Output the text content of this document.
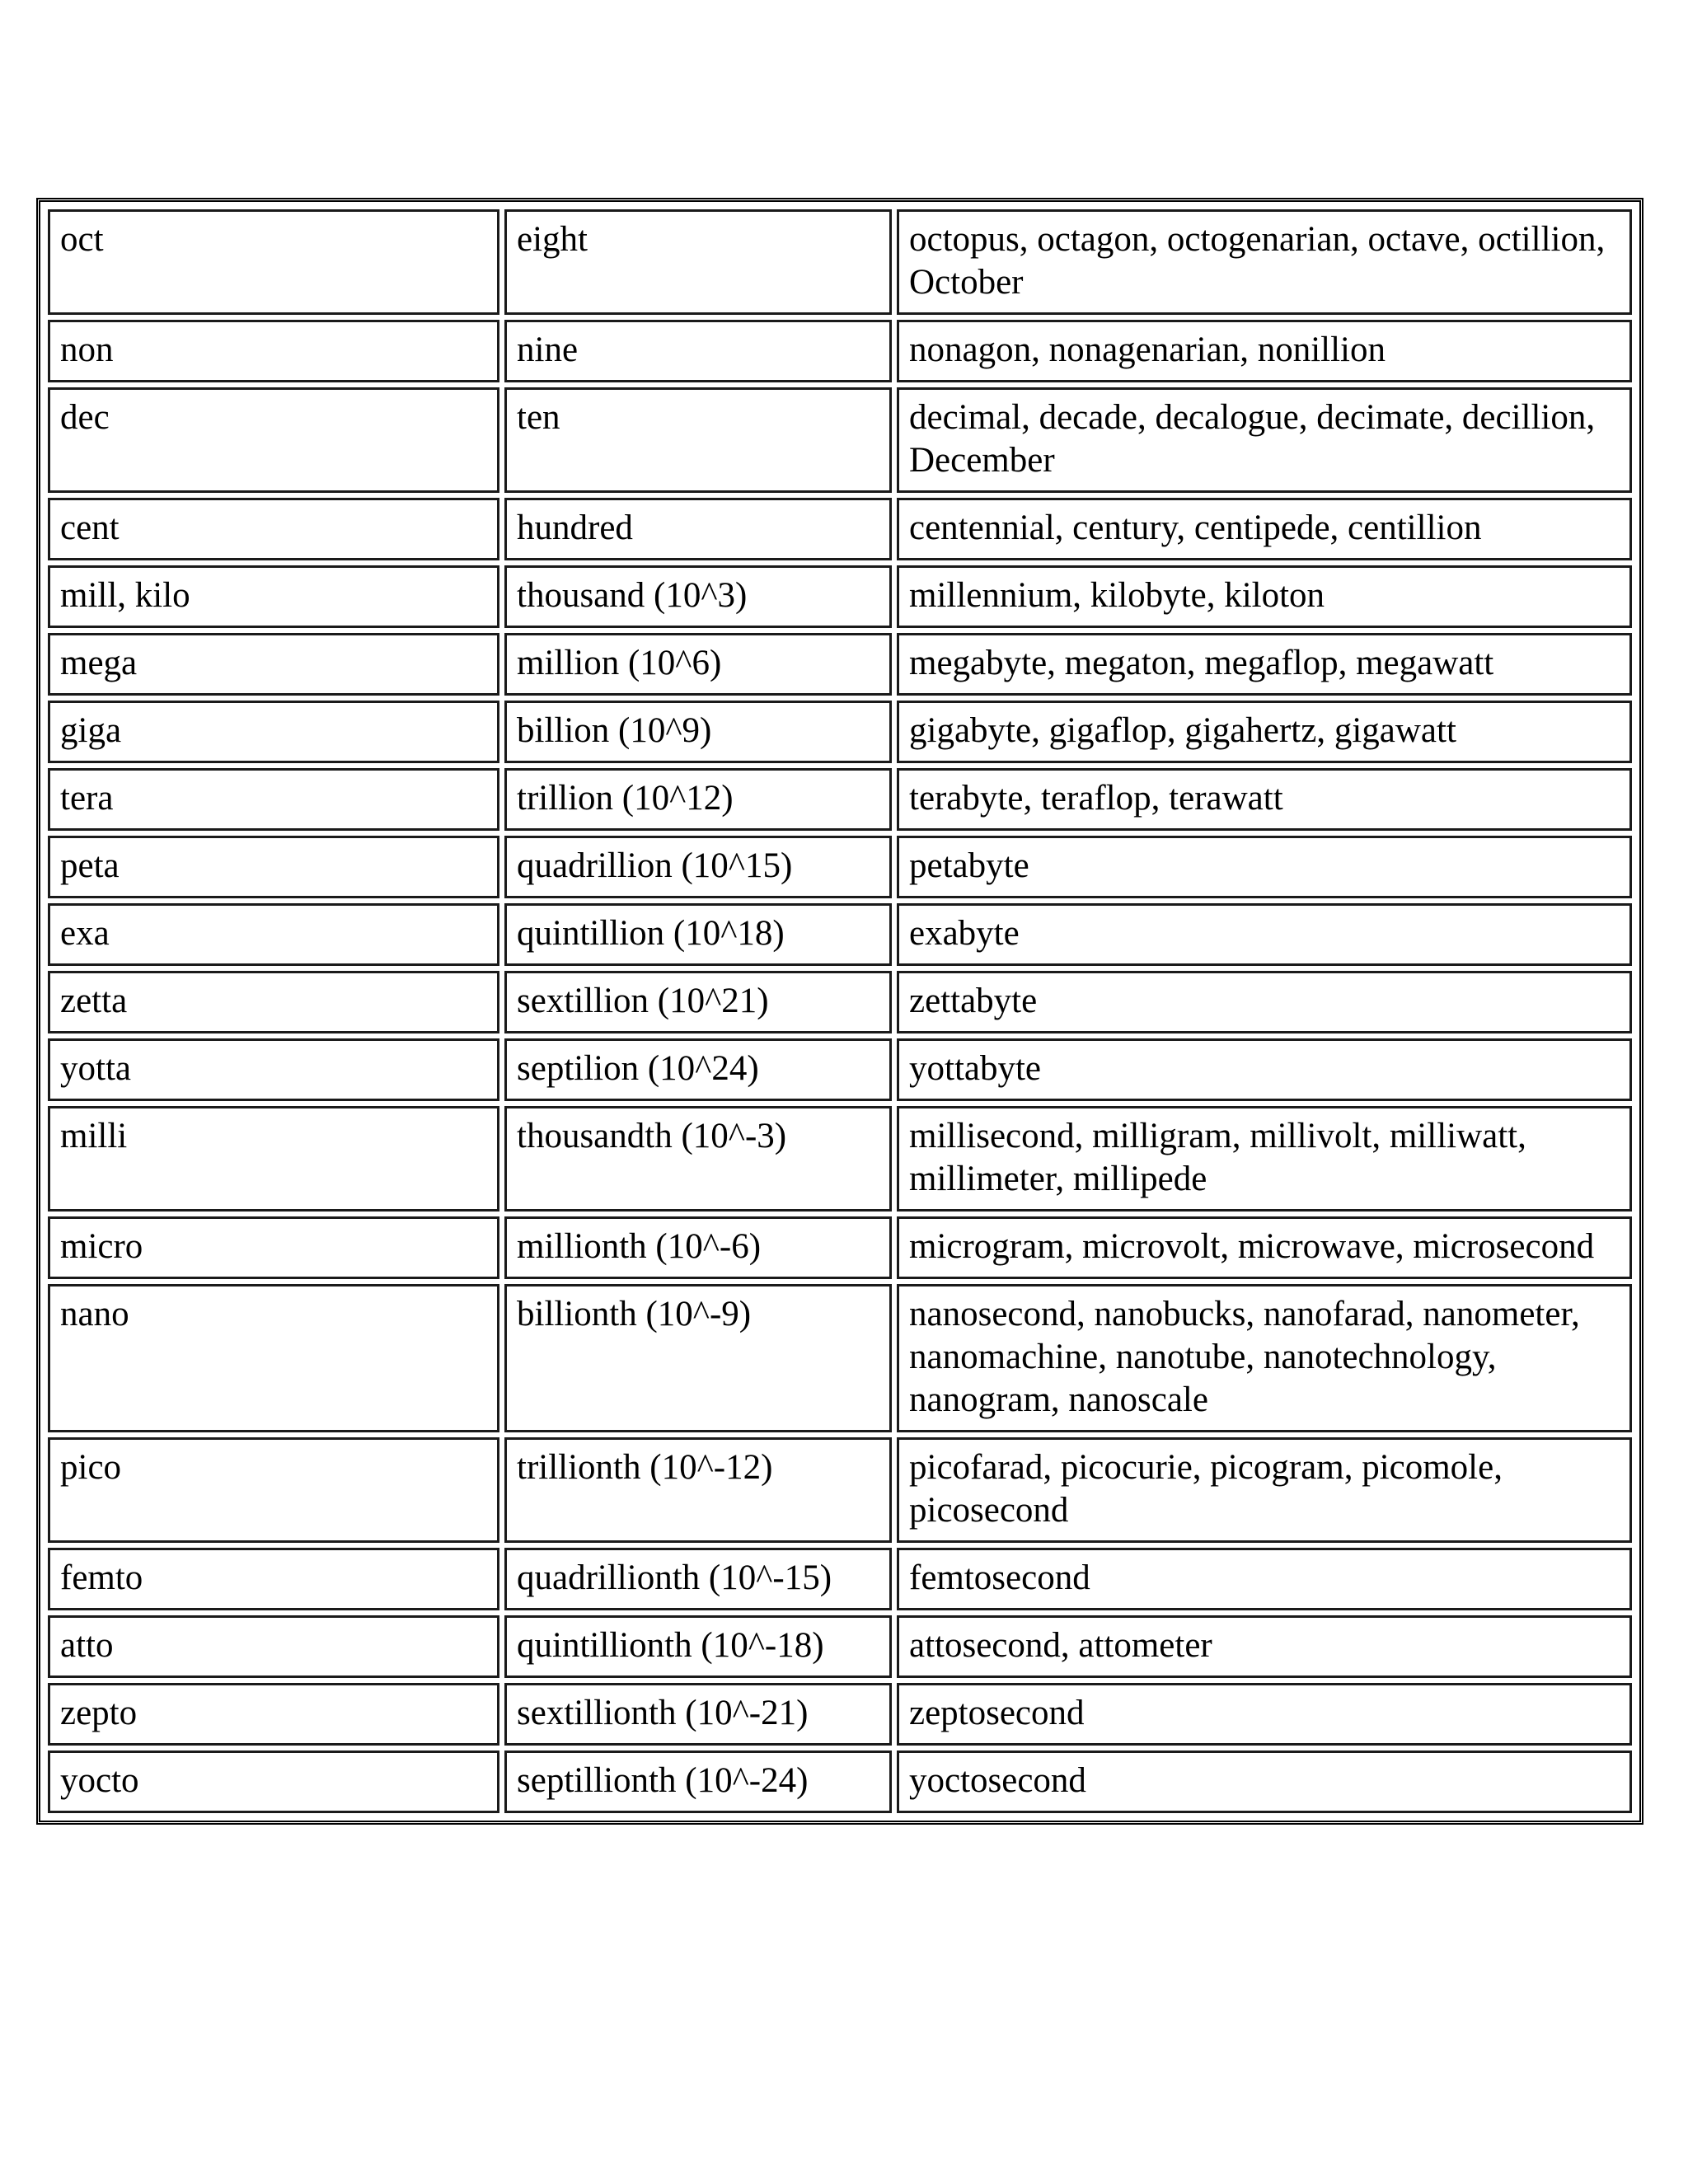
oct	eight	octopus, octagon, octogenarian, octave, octillion, October

non	nine	nonagon, nonagenarian, nonillion

dec	ten	decimal, decade, decalogue, decimate, decillion, December

cent	hundred	centennial, century, centipede, centillion

mill, kilo	thousand (10^3)	millennium, kilobyte, kiloton

mega	million (10^6)	megabyte, megaton, megaflop, megawatt

giga	billion (10^9)	gigabyte, gigaflop, gigahertz, gigawatt

tera	trillion (10^12)	terabyte, teraflop, terawatt

peta	quadrillion (10^15)	petabyte

exa	quintillion (10^18)	exabyte

zetta	sextillion (10^21)	zettabyte

yotta	septilion (10^24)	yottabyte

milli	thousandth (10^-3)	millisecond, milligram, millivolt, milliwatt, millimeter, millipede

micro	millionth (10^-6)	microgram, microvolt, microwave, microsecond

nano	billionth (10^-9)	nanosecond, nanobucks, nanofarad, nanometer, nanomachine, nanotube, nanotechnology, nanogram, nanoscale

pico	trillionth (10^-12)	picofarad, picocurie, picogram, picomole, picosecond

femto	quadrillionth (10^-15)	femtosecond

atto	quintillionth (10^-18)	attosecond, attometer

zepto	sextillionth (10^-21)	zeptosecond

yocto	septillionth (10^-24)	yoctosecond
